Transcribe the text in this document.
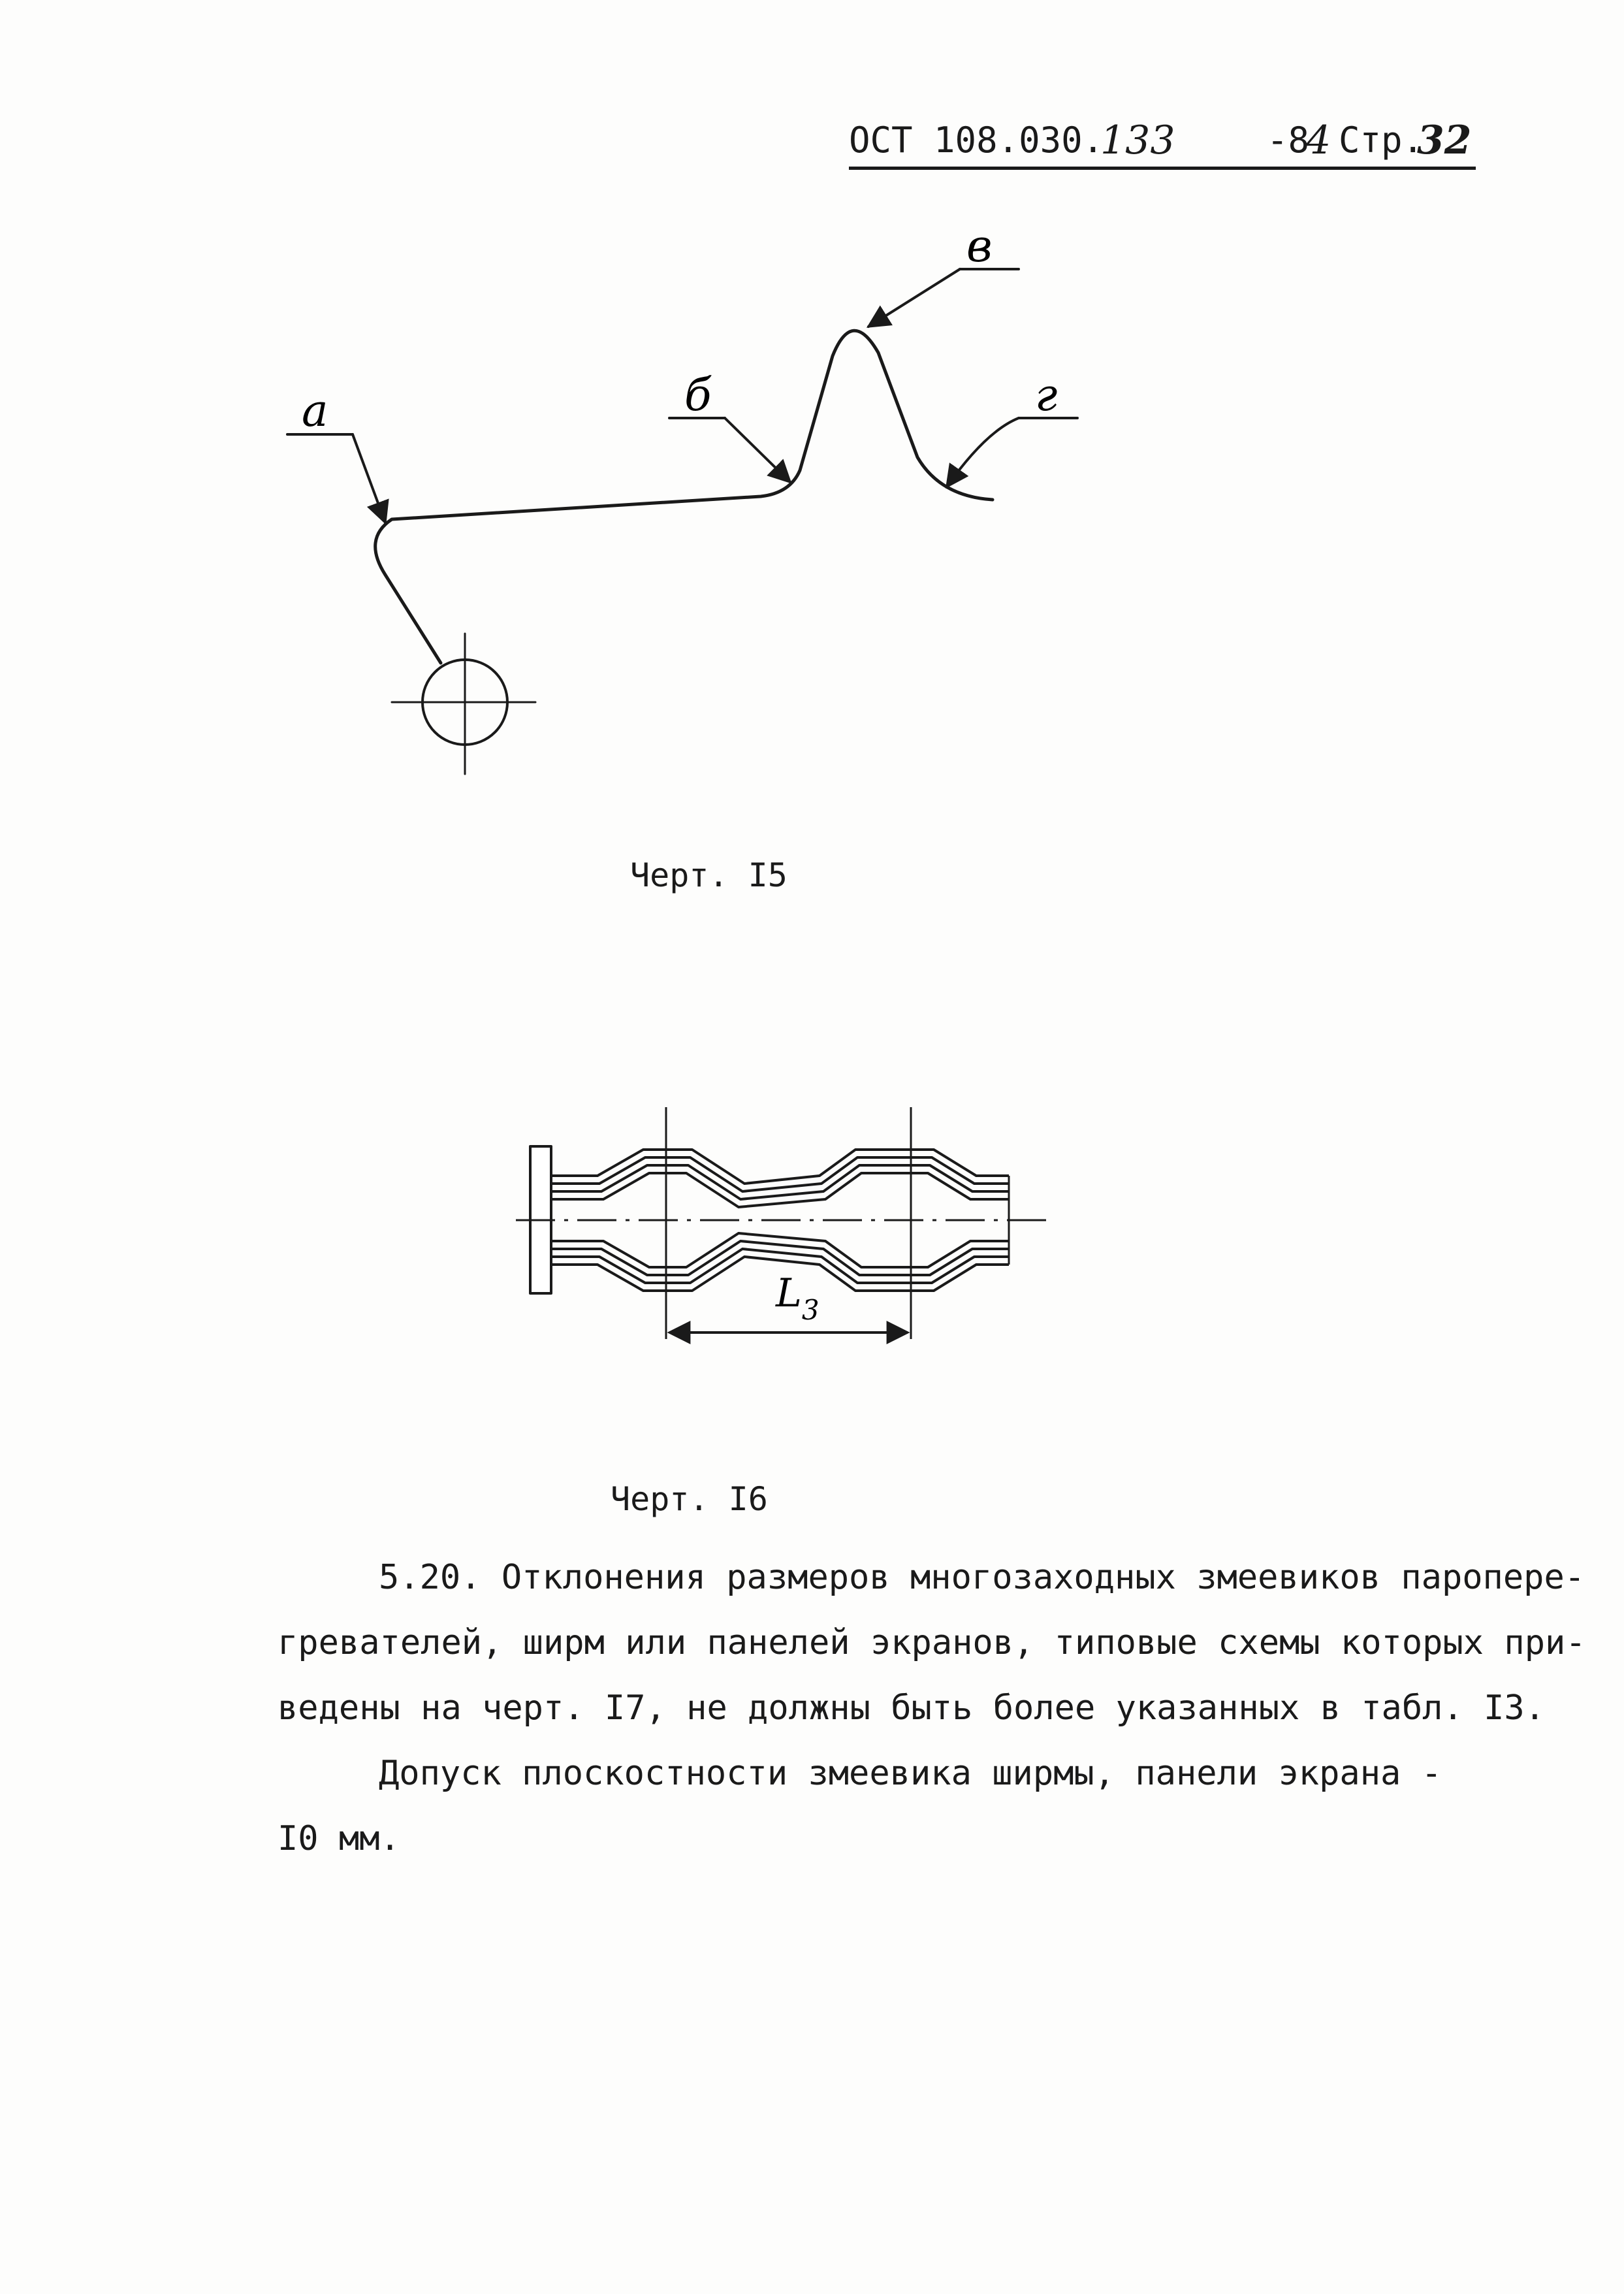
ОСТ 108.030.
133	-8
4 Стр.
32
а	б
в
г
$L_3$
Черт. I5
Черт. I6
5.20. Отклонения размеров многозаходных змеевиков паропере-
гревателей, ширм или панелей экранов, типовые схемы которых при-
ведены на черт. I7, не должны быть более указанных в табл. I3.
Допуск плоскостности змеевика ширмы, панели экрана -
I0 мм.
